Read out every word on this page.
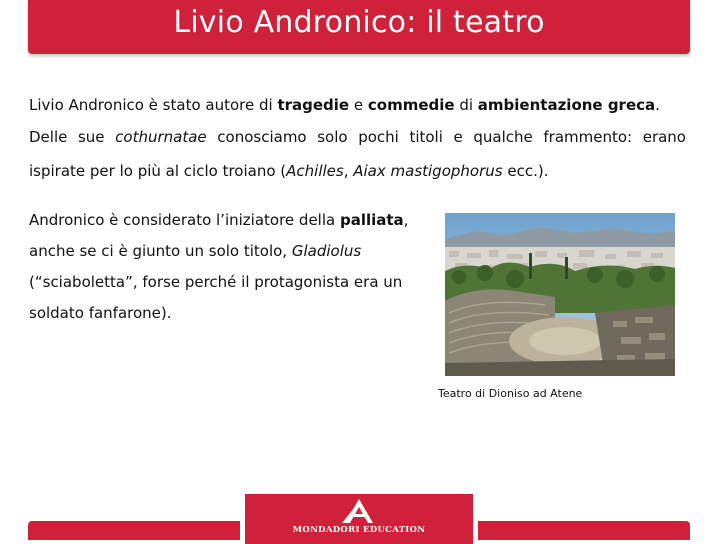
Livio Andronico: il teatro

Livio Andronico è stato autore di tragedie e commedie di ambientazione greca.

Delle sue cothurnatae conosciamo solo pochi titoli e qualche frammento: erano ispirate per lo più al ciclo troiano (Achilles, Aiax mastigophorus ecc.).

Andronico è considerato l’iniziatore della palliata, anche se ci è giunto un solo titolo, Gladiolus (“sciaboletta”, forse perché il protagonista era un soldato fanfarone).

Teatro di Dioniso ad Atene

MONDADORI EDUCATION
